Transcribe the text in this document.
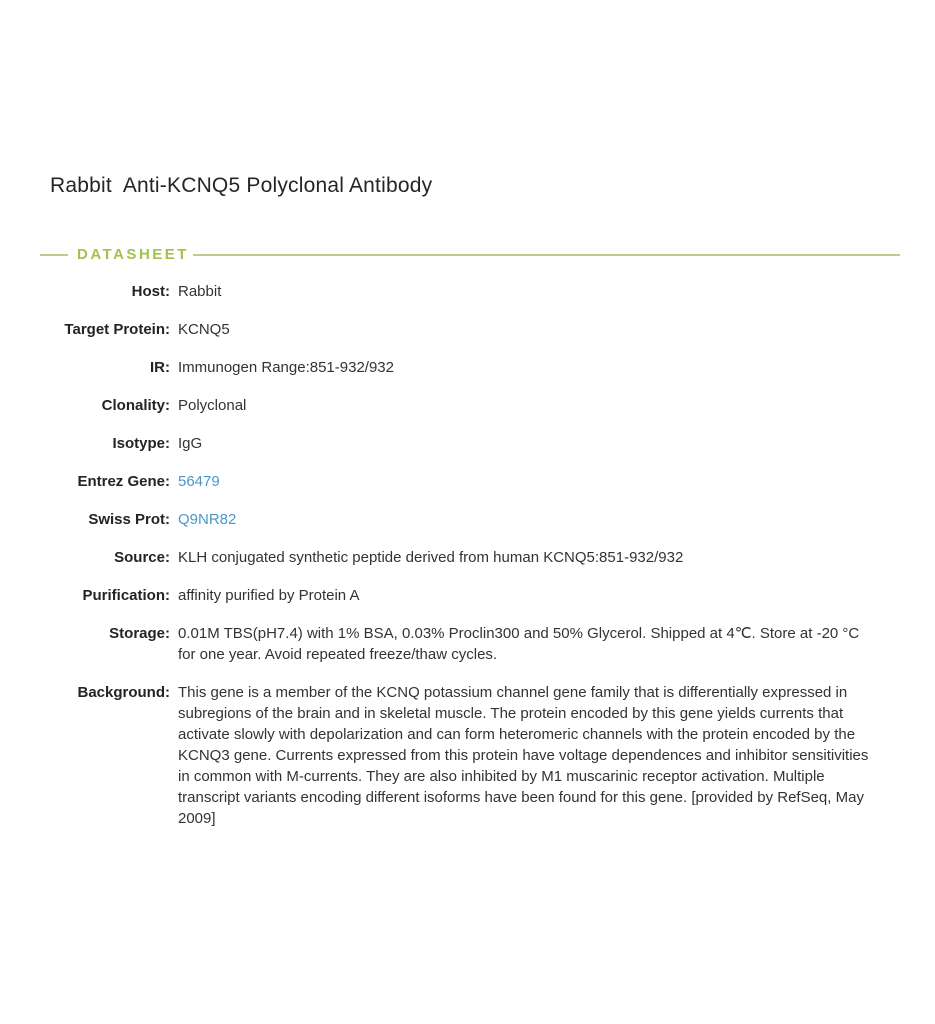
Rabbit  Anti-KCNQ5 Polyclonal Antibody
DATASHEET
Host: Rabbit
Target Protein: KCNQ5
IR: Immunogen Range:851-932/932
Clonality: Polyclonal
Isotype: IgG
Entrez Gene: 56479
Swiss Prot: Q9NR82
Source: KLH conjugated synthetic peptide derived from human KCNQ5:851-932/932
Purification: affinity purified by Protein A
Storage: 0.01M TBS(pH7.4) with 1% BSA, 0.03% Proclin300 and 50% Glycerol. Shipped at 4℃. Store at -20 °C for one year. Avoid repeated freeze/thaw cycles.
Background: This gene is a member of the KCNQ potassium channel gene family that is differentially expressed in subregions of the brain and in skeletal muscle. The protein encoded by this gene yields currents that activate slowly with depolarization and can form heteromeric channels with the protein encoded by the KCNQ3 gene. Currents expressed from this protein have voltage dependences and inhibitor sensitivities in common with M-currents. They are also inhibited by M1 muscarinic receptor activation. Multiple transcript variants encoding different isoforms have been found for this gene. [provided by RefSeq, May 2009]
